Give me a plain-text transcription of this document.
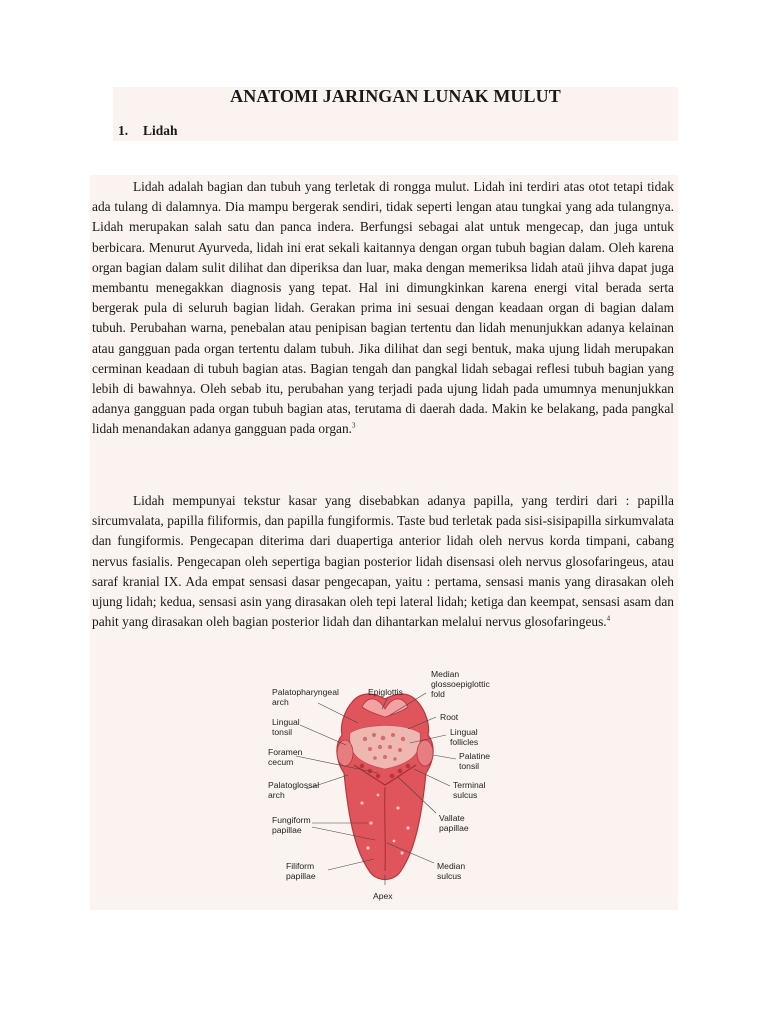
ANATOMI JARINGAN LUNAK MULUT
1. Lidah

Lidah adalah bagian dan tubuh yang terletak di rongga mulut. Lidah ini terdiri atas otot tetapi tidak ada tulang di dalamnya. Dia mampu bergerak sendiri, tidak seperti lengan atau tungkai yang ada tulangnya. Lidah merupakan salah satu dan panca indera. Berfungsi sebagai alat untuk mengecap, dan juga untuk berbicara. Menurut Ayurveda, lidah ini erat sekali kaitannya dengan organ tubuh bagian dalam. Oleh karena organ bagian dalam sulit dilihat dan diperiksa dan luar, maka dengan memeriksa lidah ataü jihva dapat juga membantu menegakkan diagnosis yang tepat. Hal ini dimungkinkan karena energi vital berada serta bergerak pula di seluruh bagian lidah. Gerakan prima ini sesuai dengan keadaan organ di bagian dalam tubuh. Perubahan warna, penebalan atau penipisan bagian tertentu dan lidah menunjukkan adanya kelainan atau gangguan pada organ tertentu dalam tubuh. Jika dilihat dan segi bentuk, maka ujung lidah merupakan cerminan keadaan di tubuh bagian atas. Bagian tengah dan pangkal lidah sebagai reflesi tubuh bagian yang lebih di bawahnya. Oleh sebab itu, perubahan yang terjadi pada ujung lidah pada umumnya menunjukkan adanya gangguan pada organ tubuh bagian atas, terutama di daerah dada. Makin ke belakang, pada pangkal lidah menandakan adanya gangguan pada organ.$^3$

Lidah mempunyai tekstur kasar yang disebabkan adanya papilla, yang terdiri dari : papilla sircumvalata, papilla filiformis, dan papilla fungiformis. Taste bud terletak pada sisi-sisipapilla sirkumvalata dan fungiformis. Pengecapan diterima dari duapertiga anterior lidah oleh nervus korda timpani, cabang nervus fasialis. Pengecapan oleh sepertiga bagian posterior lidah disensasi oleh nervus glosofaringeus, atau saraf kranial IX. Ada empat sensasi dasar pengecapan, yaitu : pertama, sensasi manis yang dirasakan oleh ujung lidah; kedua, sensasi asin yang dirasakan oleh tepi lateral lidah; ketiga dan keempat, sensasi asam dan pahit yang dirasakan oleh bagian posterior lidah dan dihantarkan melalui nervus glosofaringeus.$^4$

Palatopharyngeal
arch
Lingual
tonsil
Foramen
cecum
Palatoglossal
arch
Fungiform
papillae
Filiform
papillae
Epiglottis
Apex
Median
glossoepiglottic
fold
Root
Lingual
follicles
Palatine
tonsil
Terminal
sulcus
Vallate
papillae
Median
sulcus
